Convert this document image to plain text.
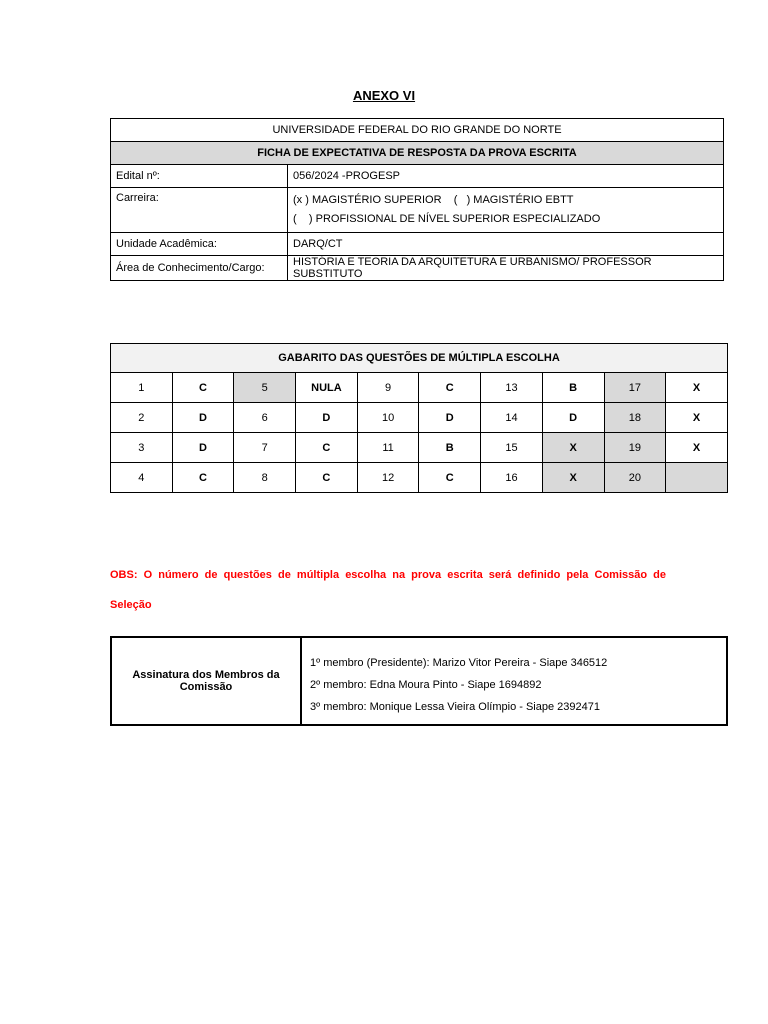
ANEXO VI
UNIVERSIDADE FEDERAL DO RIO GRANDE DO NORTE	
FICHA DE EXPECTATIVA DE RESPOSTA DA PROVA ESCRITA	
Edital nº:	056/2024 -PROGESP
Carreira:	(x ) MAGISTÉRIO SUPERIOR    (   ) MAGISTÉRIO EBTT
(    ) PROFISSIONAL DE NÍVEL SUPERIOR ESPECIALIZADO

Unidade Acadêmica:	DARQ/CT
Área de Conhecimento/Cargo:	HISTÓRIA E TEORIA DA ARQUITETURA E URBANISMO/ PROFESSOR SUBSTITUTO
GABARITO DAS QUESTÕES DE MÚLTIPLA ESCOLHA									
1	C	5	NULA	9	C	13	B	17	X
2	D	6	D	10	D	14	D	18	X
3	D	7	C	11	B	15	X	19	X
4	C	8	C	12	C	16	X	20	
OBS: O número de questões de múltipla escolha na prova escrita será definido pela Comissão de
Seleção
Assinatura dos Membros da Comissão	
1º membro (Presidente): Marizo Vitor Pereira - Siape 346512
2º membro: Edna Moura Pinto - Siape 1694892
3º membro: Monique Lessa Vieira Olímpio - Siape 2392471
